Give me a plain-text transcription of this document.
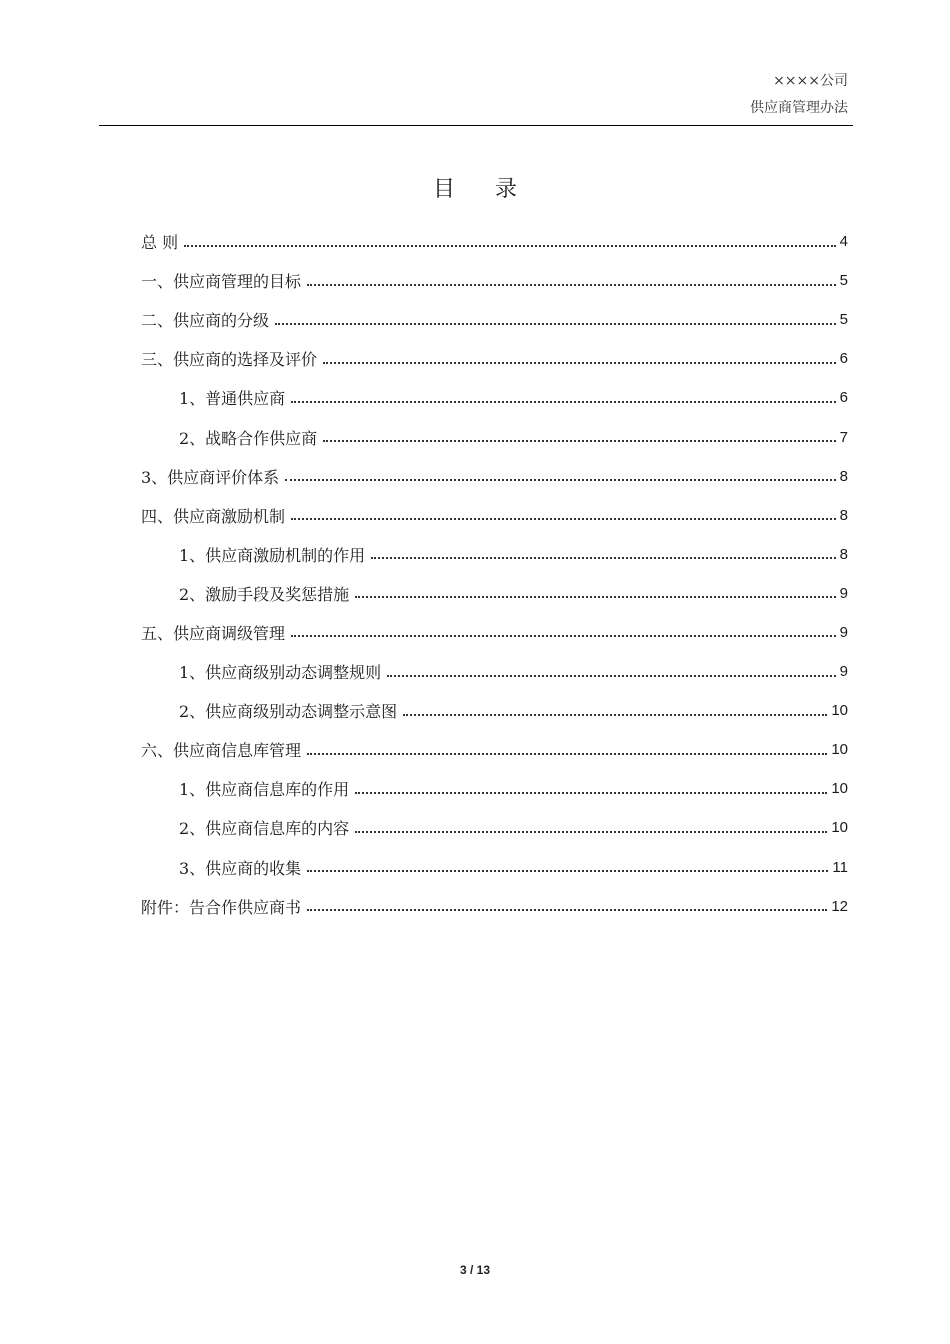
××××公司
供应商管理办法
目 录
总 则	4
一、供应商管理的目标	5
二、供应商的分级	5
三、供应商的选择及评价	6
1、普通供应商	6
2、战略合作供应商	7
3、供应商评价体系	8
四、供应商激励机制	8
1、供应商激励机制的作用	8
2、激励手段及奖惩措施	9
五、供应商调级管理	9
1、供应商级别动态调整规则	9
2、供应商级别动态调整示意图	10
六、供应商信息库管理	10
1、供应商信息库的作用	10
2、供应商信息库的内容	10
3、供应商的收集	11
附件：告合作供应商书	12
3 / 13
